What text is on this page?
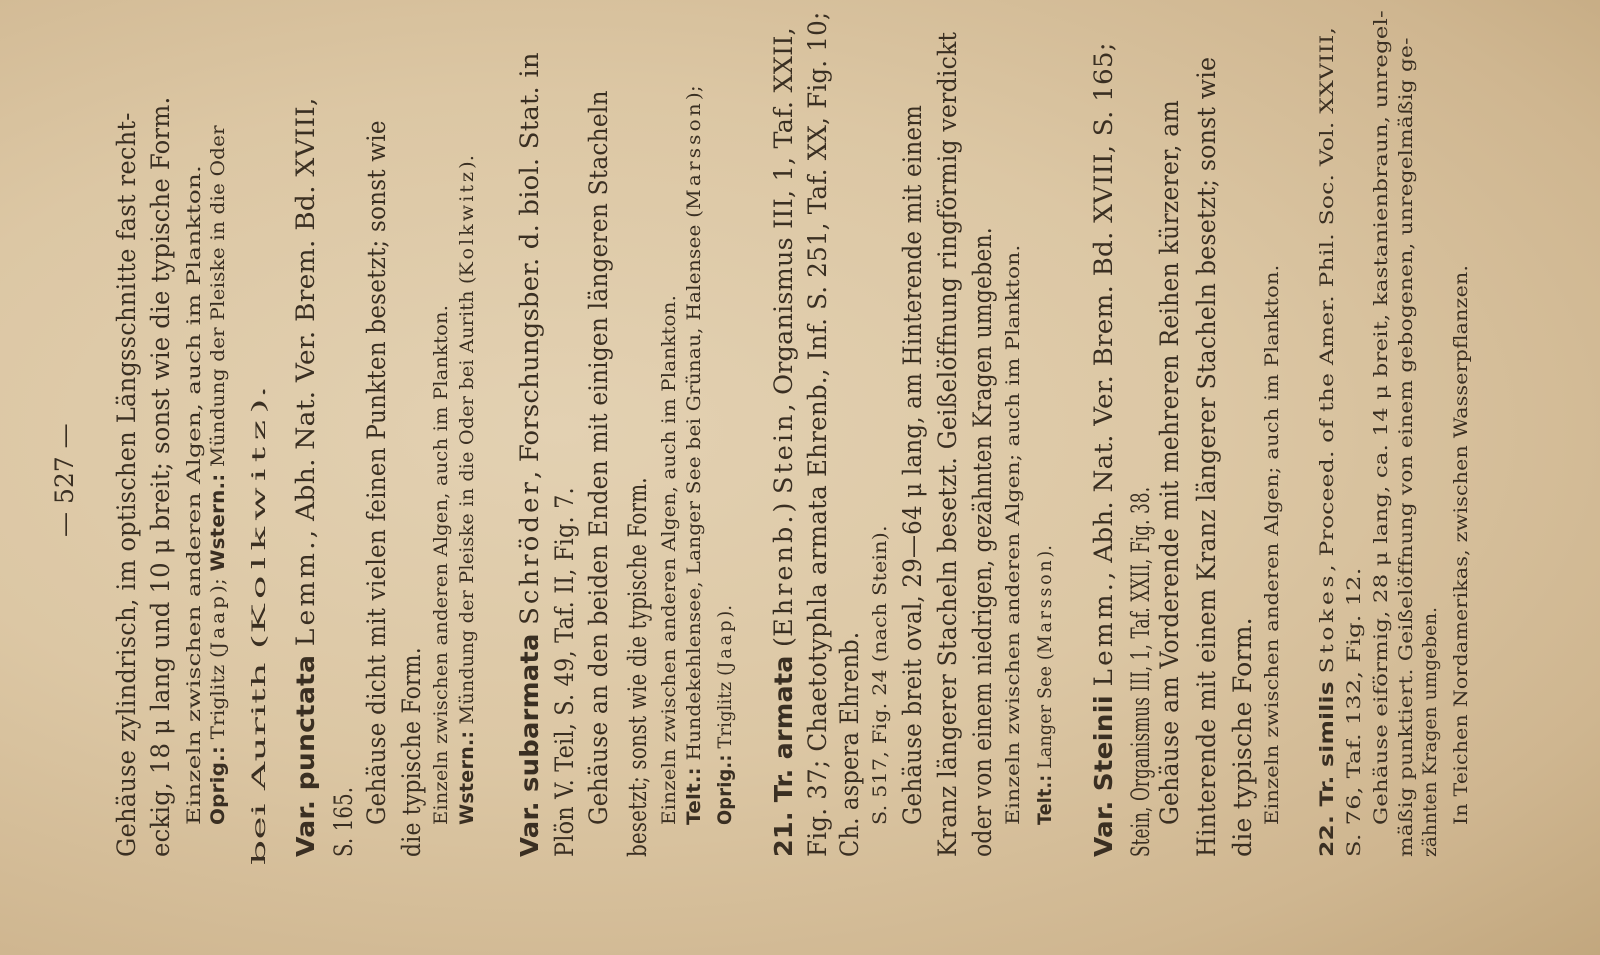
— 527 — Gehäuse zylindrisch, im optischen Längsschnitte fast recht- eckig, 18 μ lang und 10 μ breit; sonst wie die typische Form. Einzeln zwischen anderen Algen, auch im Plankton. Oprig.: Triglitz (Jaap); Wstern.: Mündung der Pleiske in die Oder
bei Aurith (Kolkwitz).
Var. punctata Lemm., Abh. Nat. Ver. Brem. Bd. XVIII,
S. 165. Gehäuse dicht mit vielen feinen Punkten besetzt; sonst wie die typische Form. Einzeln zwischen anderen Algen, auch im Plankton. Wstern.: Mündung der Pleiske in die Oder bei Aurith (Kolkwitz).
Var. subarmata Schröder, Forschungsber. d. biol. Stat. in
Plön V. Teil, S. 49, Taf. II, Fig. 7. Gehäuse an den beiden Enden mit einigen längeren Stacheln besetzt; sonst wie die typische Form. Einzeln zwischen anderen Algen, auch im Plankton. Telt.: Hundekehlensee, Langer See bei Grünau, Halensee (Marsson);
Oprig.: Triglitz (Jaap).
21. Tr. armata (Ehrenb.) Stein, Organismus III, 1, Taf. XXII, Fig. 37; Chaetotyphla armata Ehrenb., Inf. S. 251, Taf. XX, Fig. 10; Ch. aspera Ehrenb. S. 517, Fig. 24 (nach Stein). Gehäuse breit oval, 29—64 μ lang, am Hinterende mit einem Kranz längerer Stacheln besetzt. Geißelöffnung ringförmig verdickt oder von einem niedrigen, gezähnten Kragen umgeben. Einzeln zwischen anderen Algen; auch im Plankton. Telt.: Langer See (Marsson).
Var. Steinii Lemm., Abh. Nat. Ver. Brem. Bd. XVIII, S. 165;
Stein, Organismus III, 1, Taf. XXII, Fig. 38. Gehäuse am Vorderende mit mehreren Reihen kürzerer, am Hinterende mit einem Kranz längerer Stacheln besetzt; sonst wie die typische Form. Einzeln zwischen anderen Algen; auch im Plankton. 22. Tr. similis Stokes, Proceed. of the Amer. Phil. Soc. Vol. XXVIII,
S. 76, Taf. 132, Fig. 12. Gehäuse eiförmig, 28 μ lang, ca. 14 μ breit, kastanienbraun, unregel- mäßig punktiert. Geißelöffnung von einem gebogenen, unregelmäßig ge- zähnten Kragen umgeben. In Teichen Nordamerikas, zwischen Wasserpflanzen.
